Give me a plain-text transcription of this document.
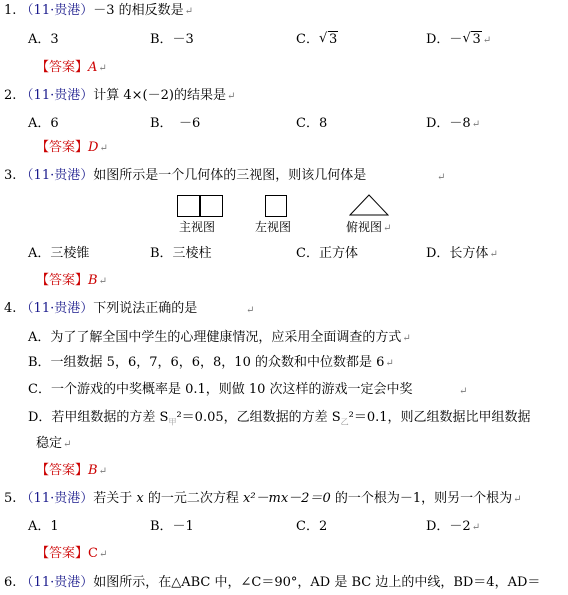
1. （11·贵港）－3 的相反数是↵
A．3	B．－3	C． √ 3	D．－ √ 3 ↵
【答案】A↵
2. （11·贵港）计算 4×(－2)的结果是↵
A．6	B．　－6	C．8	D．－8↵
【答案】D↵
3. （11·贵港）如图所示是一个几何体的三视图，则该几何体是	↵
主视图	左视图	俯视图↵
A．三棱锥	B．三棱柱	C．正方体	D．长方体↵
【答案】B↵
4. （11·贵港）下列说法正确的是	↵
A．为了了解全国中学生的心理健康情况，应采用全面调查的方式↵
B．一组数据 5，6，7，6，6，8，10 的众数和中位数都是 6↵
C．一个游戏的中奖概率是 0.1，则做 10 次这样的游戏一定会中奖	↵
D．若甲组数据的方差 $S_甲^2=0.05$，乙组数据的方差 $S_乙^2=0.1$，则乙组数据比甲组数据
稳定↵
【答案】B↵
5. （11·贵港）若关于 x 的一元二次方程 x²－mx－2＝0 的一个根为－1，则另一个根为↵
A．1	B．－1	C．2	D．－2↵
【答案】C↵
6. （11·贵港）如图所示，在△ABC 中，∠C＝90°，AD 是 BC 边上的中线，BD＝4，AD＝
